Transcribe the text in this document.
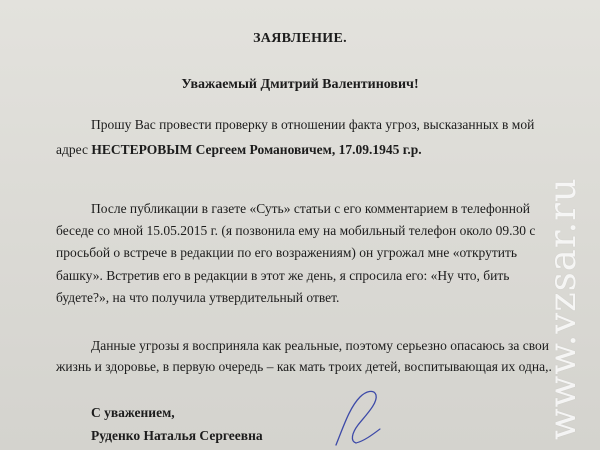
ЗАЯВЛЕНИЕ.
Уважаемый Дмитрий Валентинович!
Прошу Вас провести проверку в отношении факта угроз, высказанных в мой
адрес НЕСТЕРОВЫМ Сергеем Романовичем, 17.09.1945 г.р.
После публикации в газете «Суть» статьи с его комментарием в телефонной
беседе со мной 15.05.2015 г. (я позвонила ему на мобильный телефон около 09.30 с
просьбой о встрече в редакции по его возражениям) он угрожал мне «открутить
башку». Встретив его в редакции в этот же день, я спросила его: «Ну что, бить
будете?», на что получила утвердительный ответ.
Данные угрозы я восприняла как реальные, поэтому серьезно опасаюсь за свои
жизнь и здоровье, в первую очередь – как мать троих детей, воспитывающая их одна,.
С уважением,
Руденко Наталья Сергеевна	www.vzsar.ru
